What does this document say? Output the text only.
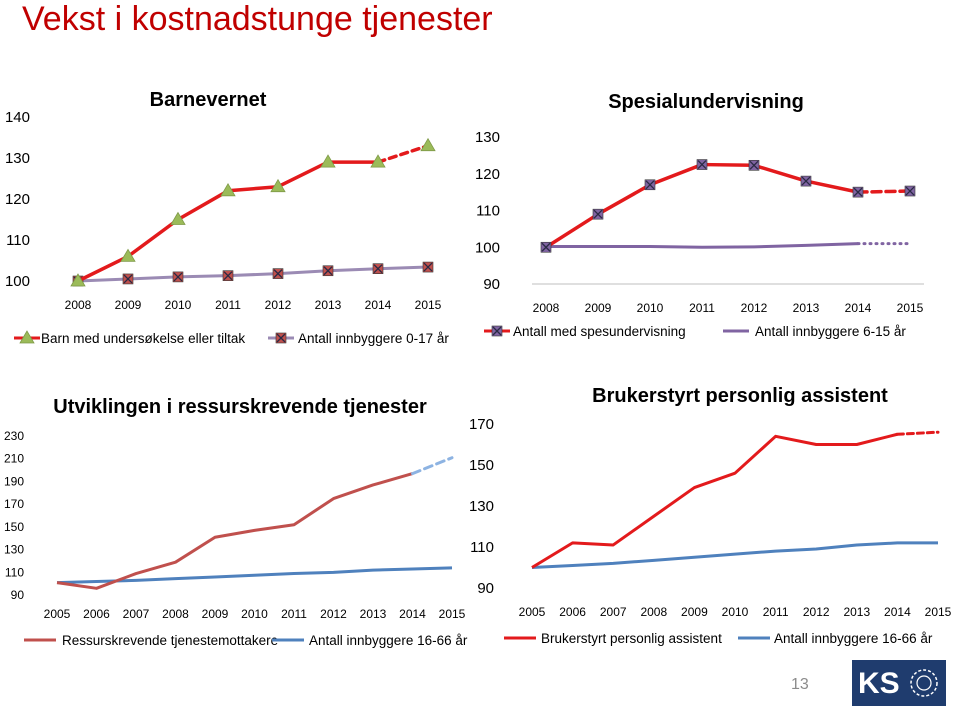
Vekst i kostnadstunge tjenester
Barnevernet
100
110
120
130
140
2008 2009 2010 2011 2012 2013 2014 2015
Barn med undersøkelse eller tiltak	Antall innbyggere 0-17 år
Spesialundervisning
90
100
110
120
130
2008 2009 2010 2011 2012 2013 2014 2015
Antall med spesundervisning	Antall innbyggere 6-15 år
Utviklingen i ressurskrevende tjenester
90
110
130
150
170
190
210
230
2005 2006 2007 2008 2009 2010 2011 2012 2013 2014 2015
Ressurskrevende tjenestemottakere Antall innbyggere 16-66 år
Brukerstyrt personlig assistent
90
110
130
150
170
2005 2006 2007 2008 2009 2010 2011 2012 2013 2014 2015
Brukerstyrt personlig assistent	Antall innbyggere 16-66 år
13 KS
